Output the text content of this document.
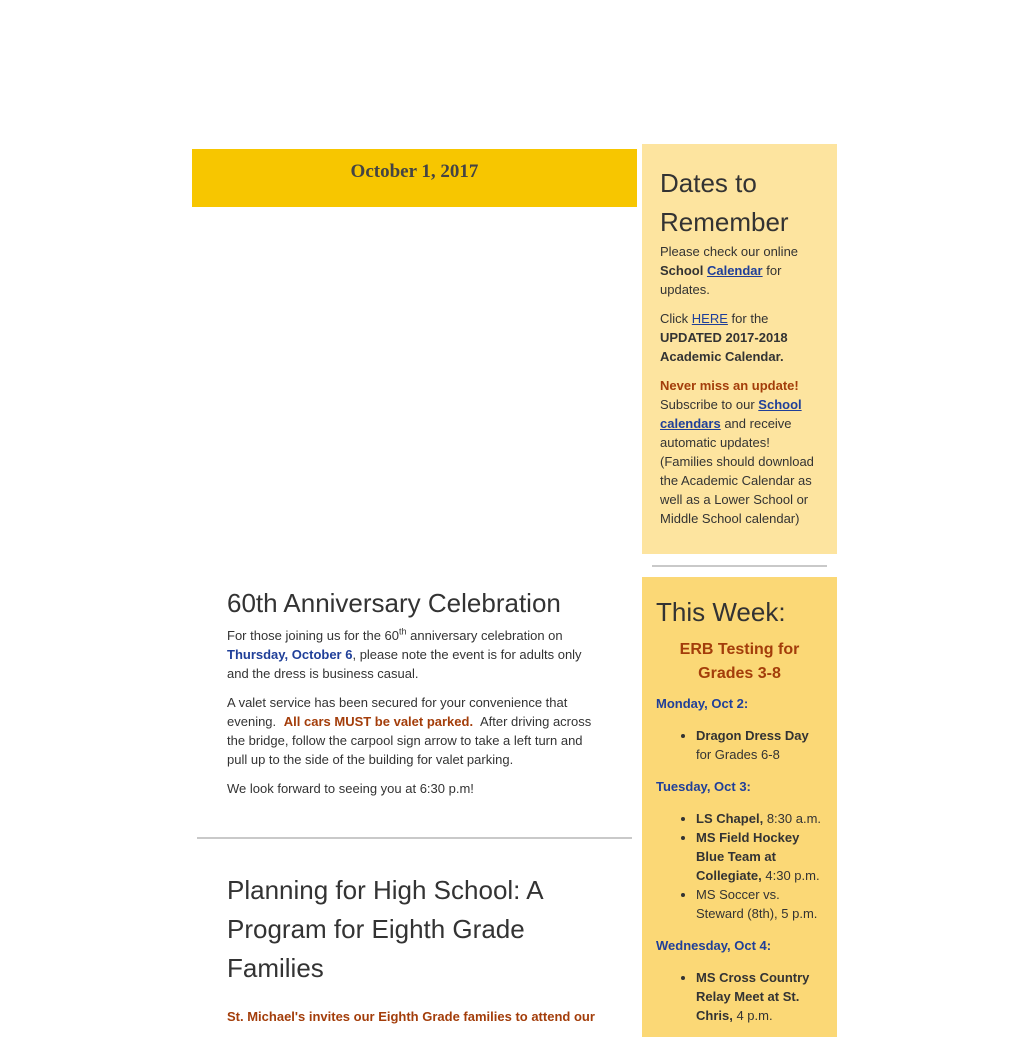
October 1, 2017	Dates to Remember

Please check our online School Calendar for updates.

Click HERE for the UPDATED 2017-2018 Academic Calendar.

Never miss an update! Subscribe to our School calendars and receive automatic updates! (Families should download the Academic Calendar as well as a Lower School or Middle School calendar)

This Week:

ERB Testing for Grades 3-8

Monday, Oct 2:

• Dragon Dress Day for Grades 6-8

Tuesday, Oct 3:

• LS Chapel, 8:30 a.m.
• MS Field Hockey Blue Team at Collegiate, 4:30 p.m.
• MS Soccer vs. Steward (8th), 5 p.m.

Wednesday, Oct 4:

• MS Cross Country Relay Meet at St. Chris, 4 p.m.
60th Anniversary Celebration

For those joining us for the 60th anniversary celebration on Thursday, October 6, please note the event is for adults only and the dress is business casual.

A valet service has been secured for your convenience that evening. All cars MUST be valet parked. After driving across the bridge, follow the carpool sign arrow to take a left turn and pull up to the side of the building for valet parking.

We look forward to seeing you at 6:30 p.m!

Planning for High School: A Program for Eighth Grade Families

St. Michael's invites our Eighth Grade families to attend our
